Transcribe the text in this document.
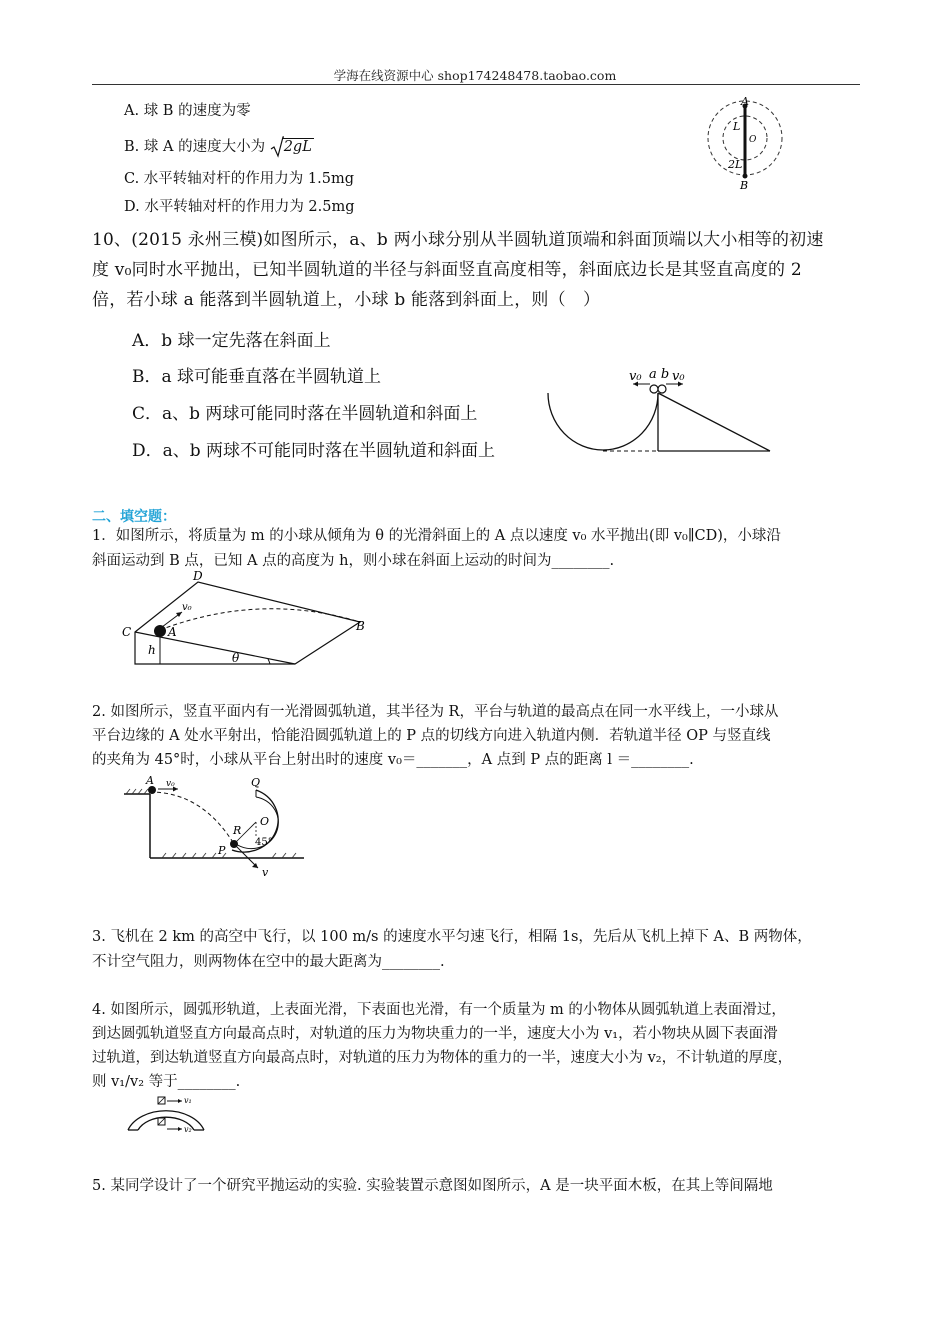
学海在线资源中心 shop174248478.taobao.com
A. 球 B 的速度为零
B. 球 A 的速度大小为 2gL
C. 水平转轴对杆的作用力为 1.5mg
D. 水平转轴对杆的作用力为 2.5mg
A
B
L
2L
O
10、(2015 永州三模)如图所示，a、b 两小球分别从半圆轨道顶端和斜面顶端以大小相等的初速
度 v₀同时水平抛出，已知半圆轨道的半径与斜面竖直高度相等，斜面底边长是其竖直高度的 2
倍，若小球 a 能落到半圆轨道上，小球 b 能落到斜面上，则（　）
A．b 球一定先落在斜面上
B．a 球可能垂直落在半圆轨道上
C．a、b 两球可能同时落在半圆轨道和斜面上
D．a、b 两球不可能同时落在半圆轨道和斜面上
v₀ a b v₀
二、填空题：
1．如图所示，将质量为 m 的小球从倾角为 θ 的光滑斜面上的 A 点以速度 v₀ 水平抛出(即 v₀∥CD)，小球沿
斜面运动到 B 点，已知 A 点的高度为 h，则小球在斜面上运动的时间为________.
C
D
A	B
h
θ
v₀
2. 如图所示，竖直平面内有一光滑圆弧轨道，其半径为 R，平台与轨道的最高点在同一水平线上，一小球从
平台边缘的 A 处水平射出，恰能沿圆弧轨道上的 P 点的切线方向进入轨道内侧．若轨道半径 OP 与竖直线
的夹角为 45°时，小球从平台上射出时的速度 v₀＝_______，A 点到 P 点的距离 l ＝________.
A v₀	Q
O
R
45°
P
v
3. 飞机在 2 km 的高空中飞行，以 100 m/s 的速度水平匀速飞行，相隔 1s，先后从飞机上掉下 A、B 两物体，
不计空气阻力，则两物体在空中的最大距离为________.
4. 如图所示，圆弧形轨道，上表面光滑，下表面也光滑，有一个质量为 m 的小物体从圆弧轨道上表面滑过，
到达圆弧轨道竖直方向最高点时，对轨道的压力为物块重力的一半，速度大小为 v₁，若小物块从圆下表面滑
过轨道，到达轨道竖直方向最高点时，对轨道的压力为物体的重力的一半，速度大小为 v₂，不计轨道的厚度，
则 v₁/v₂ 等于________.
v₁
v₂
5. 某同学设计了一个研究平抛运动的实验. 实验装置示意图如图所示，A 是一块平面木板，在其上等间隔地
